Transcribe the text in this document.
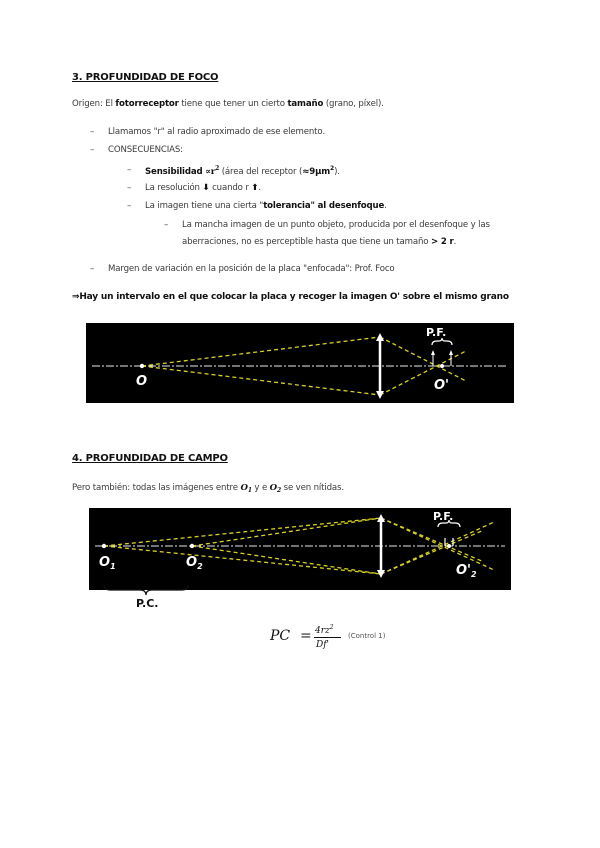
3. PROFUNDIDAD DE FOCO
Origen: El fotorreceptor tiene que tener un cierto tamaño (grano, píxel).
– Llamamos "r" al radio aproximado de ese elemento.
– CONSECUENCIAS:
– Sensibilidad $\propto r^2$ (área del receptor $(\approx 9\mu m^2)$.
– La resolución ⬇ cuando r ⬆.
– La imagen tiene una cierta "tolerancia" al desenfoque.
– La mancha imagen de un punto objeto, producida por el desenfoque y las
aberraciones, no es perceptible hasta que tiene un tamaño > 2 r.
– Margen de variación en la posición de la placa "enfocada": Prof. Foco
⇒Hay un intervalo en el que colocar la placa y recoger la imagen O' sobre el mismo grano
O	O'
P.F.
4. PROFUNDIDAD DE CAMPO
Pero también: todas las imágenes entre $O_1$ y e $O_2$ se ven nítidas.
P.F.
$O_1$	$O_2$	$O'_2$
P.C.
PC = $4rz^2$
Df'
(Control 1)
